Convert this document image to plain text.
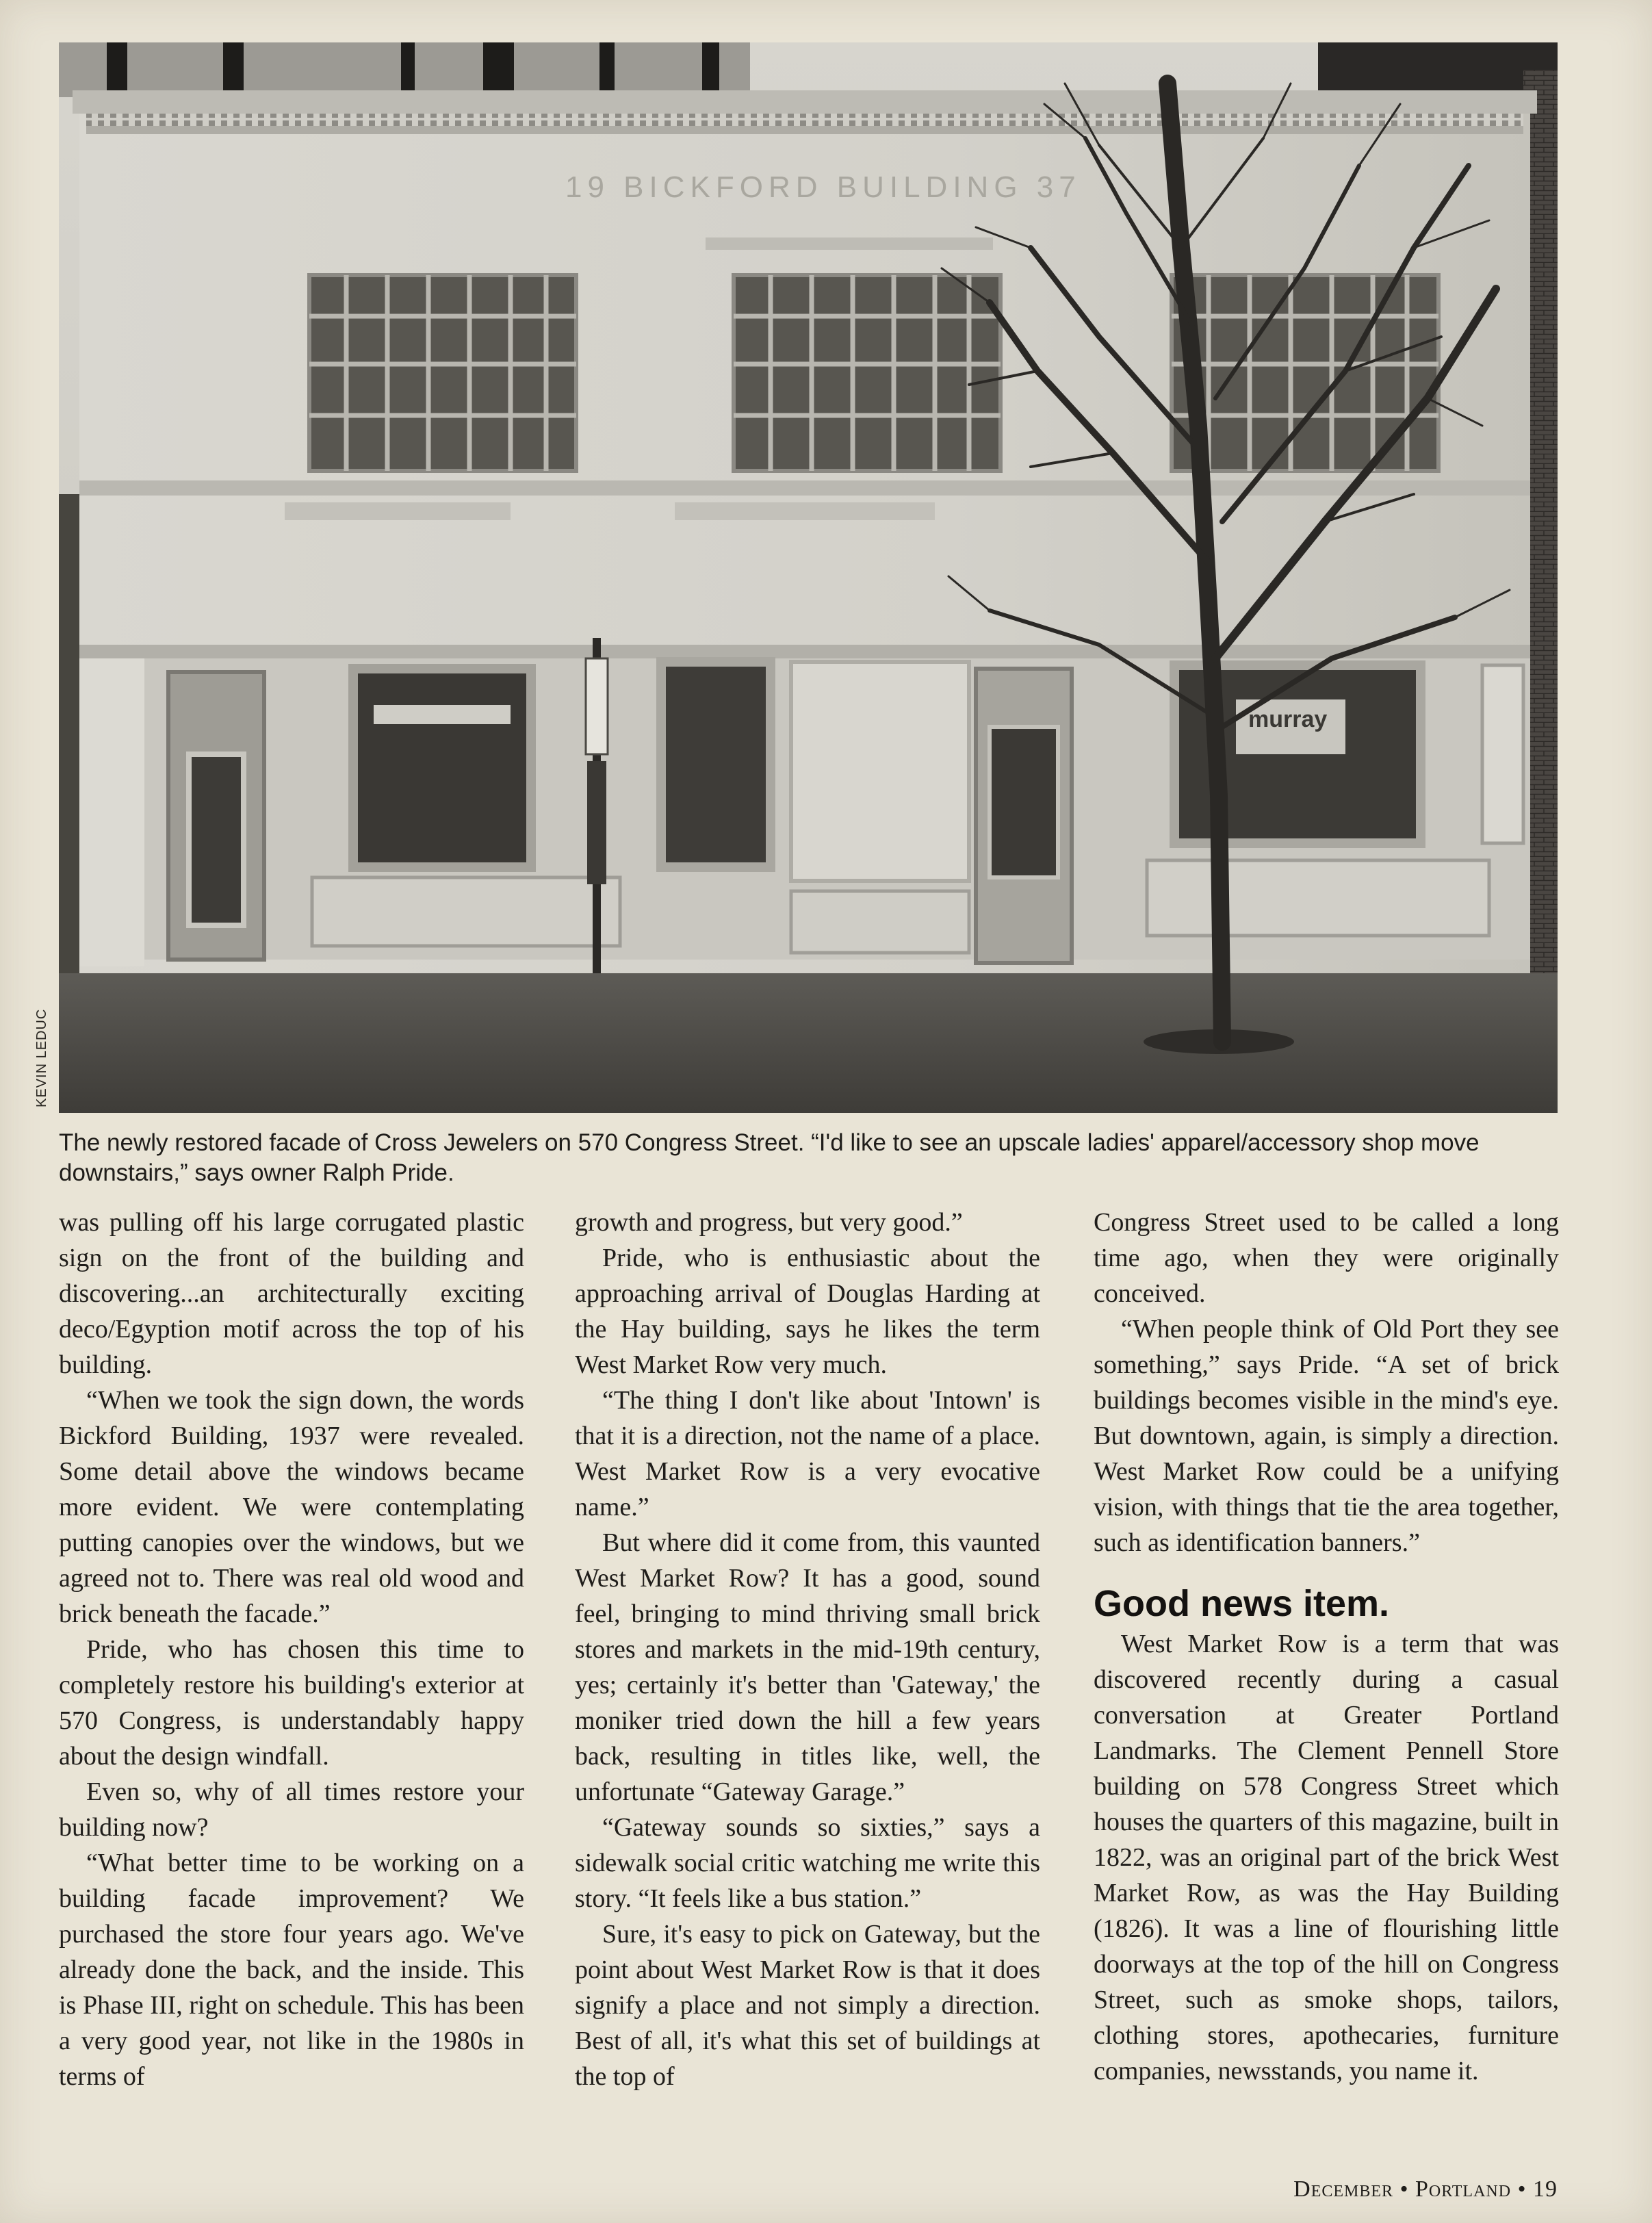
19 BICKFORD BUILDING 37
murray
KEVIN LEDUC
The newly restored facade of Cross Jewelers on 570 Congress Street. “I'd like to see an upscale ladies' apparel/accessory shop move downstairs,” says owner Ralph Pride.

was pulling off his large corrugated plastic sign on the front of the building and discovering...an architecturally exciting deco/Egyption motif across the top of his building.

“When we took the sign down, the words Bickford Building, 1937 were revealed. Some detail above the windows became more evident. We were contemplating putting canopies over the windows, but we agreed not to. There was real old wood and brick beneath the facade.”

Pride, who has chosen this time to completely restore his building's exterior at 570 Congress, is understandably happy about the design windfall.

Even so, why of all times restore your building now?

“What better time to be working on a building facade improvement? We purchased the store four years ago. We've already done the back, and the inside. This is Phase III, right on schedule. This has been a very good year, not like in the 1980s in terms of

growth and progress, but very good.”

Pride, who is enthusiastic about the approaching arrival of Douglas Harding at the Hay building, says he likes the term West Market Row very much.

“The thing I don't like about 'Intown' is that it is a direction, not the name of a place. West Market Row is a very evocative name.”

But where did it come from, this vaunted West Market Row? It has a good, sound feel, bringing to mind thriving small brick stores and markets in the mid-19th century, yes; certainly it's better than 'Gateway,' the moniker tried down the hill a few years back, resulting in titles like, well, the unfortunate “Gateway Garage.”

“Gateway sounds so sixties,” says a sidewalk social critic watching me write this story. “It feels like a bus station.”

Sure, it's easy to pick on Gateway, but the point about West Market Row is that it does signify a place and not simply a direction. Best of all, it's what this set of buildings at the top of

Congress Street used to be called a long time ago, when they were originally conceived.

“When people think of Old Port they see something,” says Pride. “A set of brick buildings becomes visible in the mind's eye. But downtown, again, is simply a direction. West Market Row could be a unifying vision, with things that tie the area together, such as identification banners.”

Good news item.

West Market Row is a term that was discovered recently during a casual conversation at Greater Portland Landmarks. The Clement Pennell Store building on 578 Congress Street which houses the quarters of this magazine, built in 1822, was an original part of the brick West Market Row, as was the Hay Building (1826). It was a line of flourishing little doorways at the top of the hill on Congress Street, such as smoke shops, tailors, clothing stores, apothecaries, furniture companies, newsstands, you name it.

December • Portland • 19
